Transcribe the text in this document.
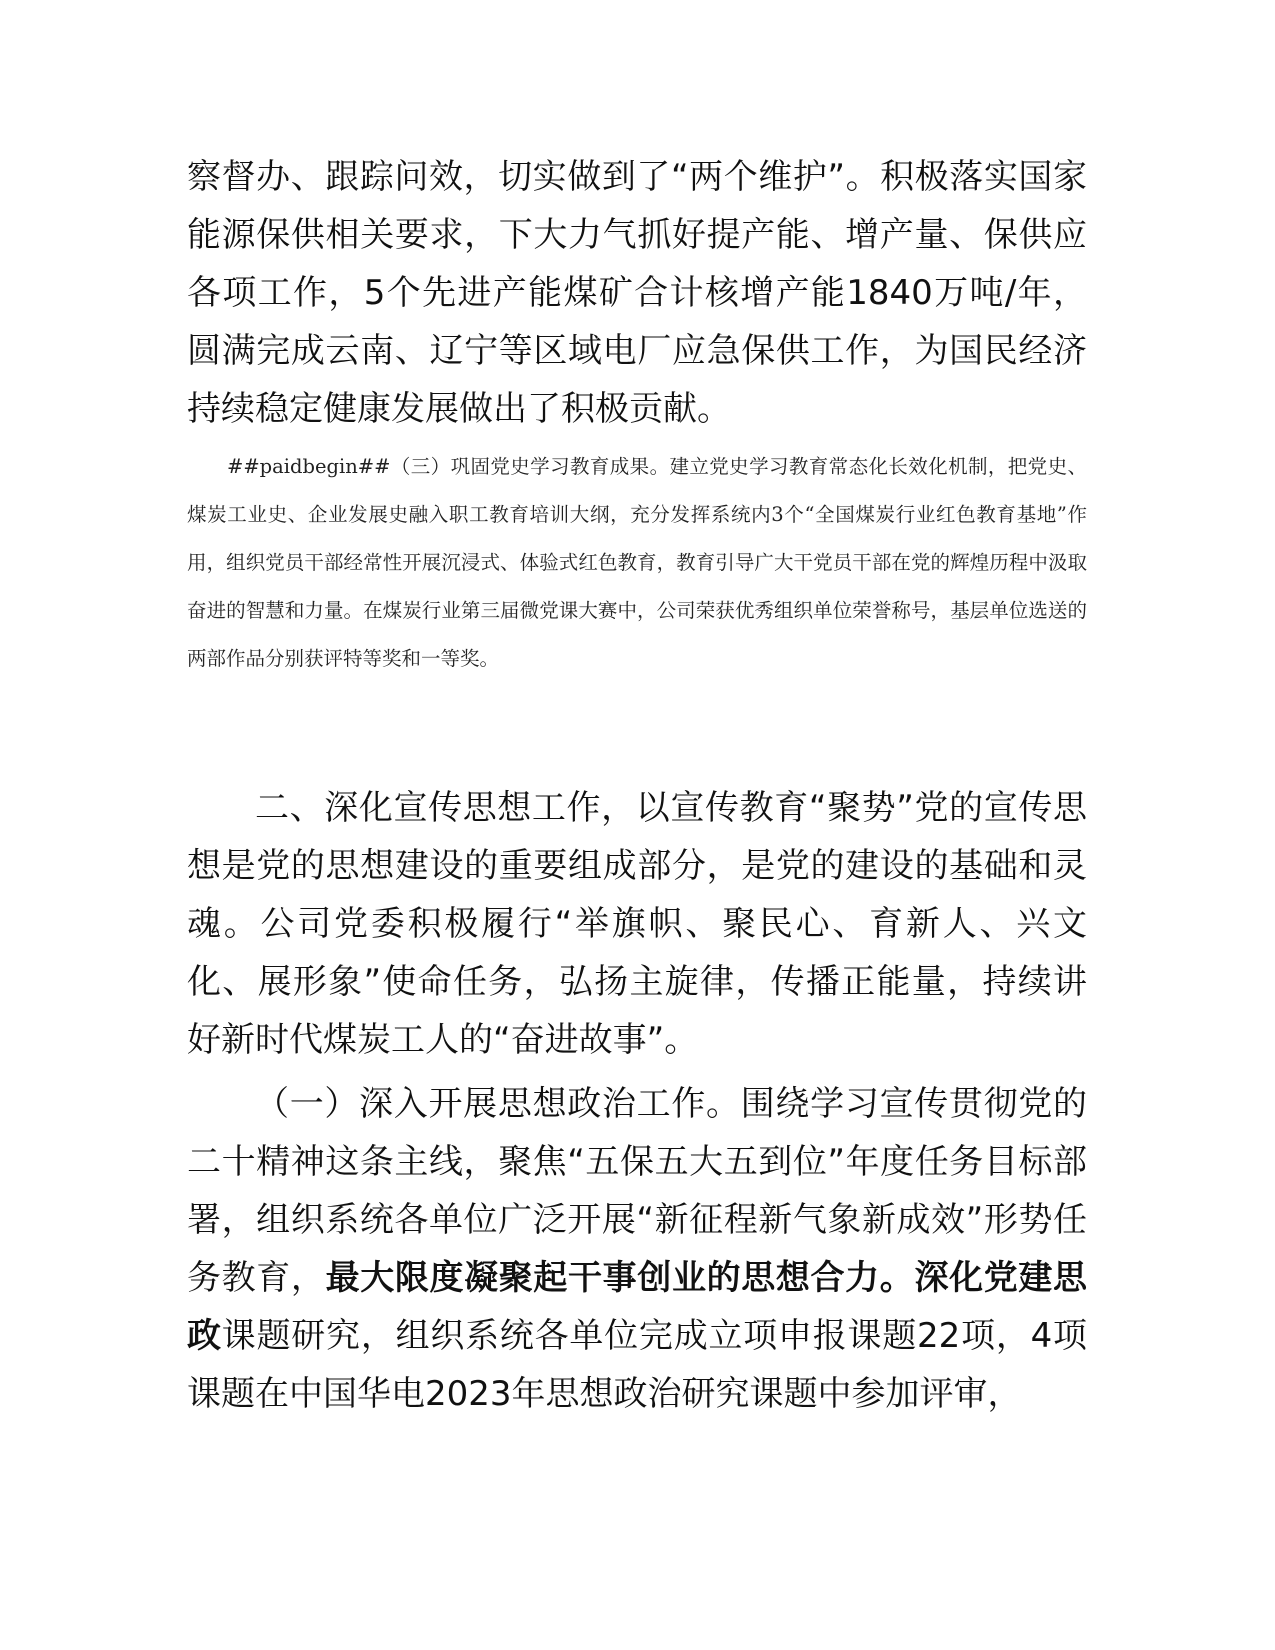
察督办、跟踪问效，切实做到了“两个维护”。积极落实国家能源保供相关要求，下大力气抓好提产能、增产量、保供应各项工作，5个先进产能煤矿合计核增产能1840万吨/年，圆满完成云南、辽宁等区域电厂应急保供工作，为国民经济持续稳定健康发展做出了积极贡献。

##paidbegin##（三）巩固党史学习教育成果。建立党史学习教育常态化长效化机制，把党史、煤炭工业史、企业发展史融入职工教育培训大纲，充分发挥系统内3个“全国煤炭行业红色教育基地”作用，组织党员干部经常性开展沉浸式、体验式红色教育，教育引导广大干党员干部在党的辉煌历程中汲取奋进的智慧和力量。在煤炭行业第三届微党课大赛中，公司荣获优秀组织单位荣誉称号，基层单位选送的两部作品分别获评特等奖和一等奖。

二、深化宣传思想工作，以宣传教育“聚势”党的宣传思想是党的思想建设的重要组成部分，是党的建设的基础和灵魂。公司党委积极履行“举旗帜、聚民心、育新人、兴文化、展形象”使命任务，弘扬主旋律，传播正能量，持续讲好新时代煤炭工人的“奋进故事”。

（一）深入开展思想政治工作。围绕学习宣传贯彻党的二十精神这条主线，聚焦“五保五大五到位”年度任务目标部署，组织系统各单位广泛开展“新征程新气象新成效”形势任务教育，最大限度凝聚起干事创业的思想合力。深化党建思政课题研究，组织系统各单位完成立项申报课题22项，4项课题在中国华电2023年思想政治研究课题中参加评审，
